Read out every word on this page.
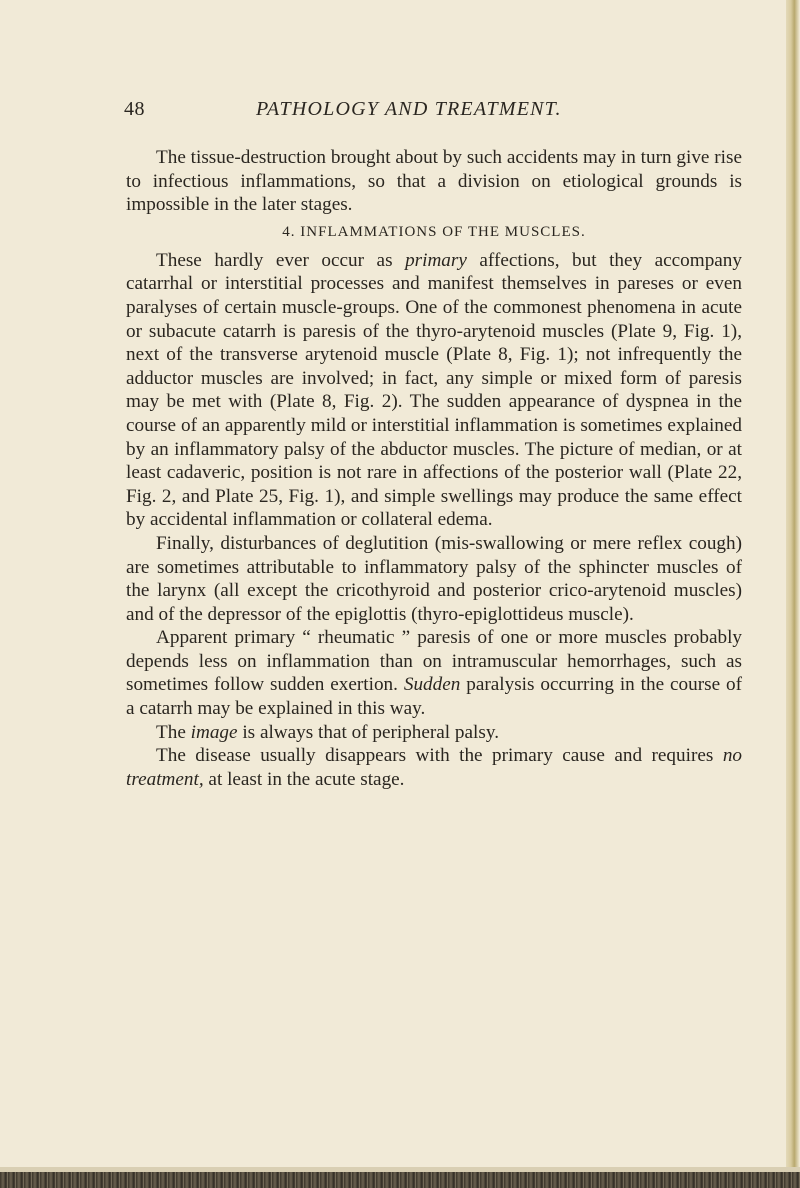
48	PATHOLOGY AND TREATMENT.

The tissue-destruction brought about by such accidents may in turn give rise to infectious inflammations, so that a division on etiological grounds is impossible in the later stages.

4. INFLAMMATIONS OF THE MUSCLES.

These hardly ever occur as primary affections, but they accompany catarrhal or interstitial processes and manifest themselves in pareses or even paralyses of certain muscle-groups. One of the commonest phenomena in acute or subacute catarrh is paresis of the thyro-arytenoid muscles (Plate 9, Fig. 1), next of the transverse arytenoid muscle (Plate 8, Fig. 1); not infrequently the adductor muscles are involved; in fact, any simple or mixed form of paresis may be met with (Plate 8, Fig. 2). The sudden appearance of dyspnea in the course of an apparently mild or interstitial inflammation is sometimes explained by an inflammatory palsy of the abductor muscles. The picture of median, or at least cadaveric, position is not rare in affections of the posterior wall (Plate 22, Fig. 2, and Plate 25, Fig. 1), and simple swellings may produce the same effect by accidental inflammation or collateral edema.

Finally, disturbances of deglutition (mis-swallowing or mere reflex cough) are sometimes attributable to inflammatory palsy of the sphincter muscles of the larynx (all except the cricothyroid and posterior crico-arytenoid muscles) and of the depressor of the epiglottis (thyro-epiglottideus muscle).

Apparent primary “ rheumatic ” paresis of one or more muscles probably depends less on inflammation than on intramuscular hemorrhages, such as sometimes follow sudden exertion. Sudden paralysis occurring in the course of a catarrh may be explained in this way.

The image is always that of peripheral palsy.

The disease usually disappears with the primary cause and requires no treatment, at least in the acute stage.
